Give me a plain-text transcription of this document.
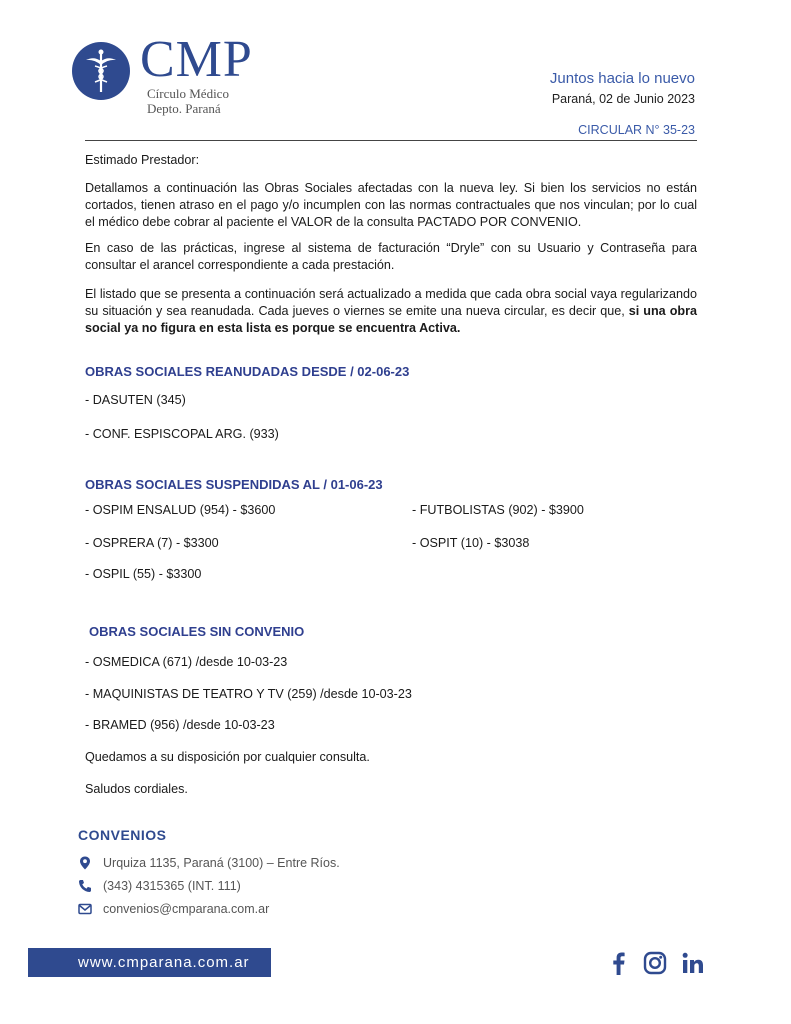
CMP
Círculo Médico
Depto. Paraná
Juntos hacia lo nuevo
Paraná, 02 de Junio 2023
CIRCULAR N° 35-23
Estimado Prestador:
Detallamos a continuación las Obras Sociales afectadas con la nueva ley. Si bien los servicios no están cortados, tienen atraso en el pago y/o incumplen con las normas contractuales que nos vinculan; por lo cual el médico debe cobrar al paciente el VALOR de la consulta PACTADO POR CONVENIO.
En caso de las prácticas, ingrese al sistema de facturación “Dryle” con su Usuario y Contraseña para consultar el arancel correspondiente a cada prestación.
El listado que se presenta a continuación será actualizado a medida que cada obra social vaya regularizando su situación y sea reanudada. Cada jueves o viernes se emite una nueva circular, es decir que, si una obra social ya no figura en esta lista es porque se encuentra Activa.
OBRAS SOCIALES REANUDADAS DESDE / 02-06-23
- DASUTEN (345)
- CONF. ESPISCOPAL ARG. (933)
OBRAS SOCIALES SUSPENDIDAS AL / 01-06-23
- OSPIM ENSALUD (954) - $3600
- OSPRERA (7) - $3300
- OSPIL (55) - $3300
- FUTBOLISTAS (902) - $3900
- OSPIT (10) - $3038
OBRAS SOCIALES SIN CONVENIO
- OSMEDICA (671) /desde 10-03-23
- MAQUINISTAS DE TEATRO Y TV (259) /desde 10-03-23
- BRAMED (956) /desde 10-03-23
Quedamos a su disposición por cualquier consulta.
Saludos cordiales.
CONVENIOS
Urquiza 1135, Paraná (3100) – Entre Ríos.
(343) 4315365 (INT. 111)
convenios@cmparana.com.ar
www.cmparana.com.ar
